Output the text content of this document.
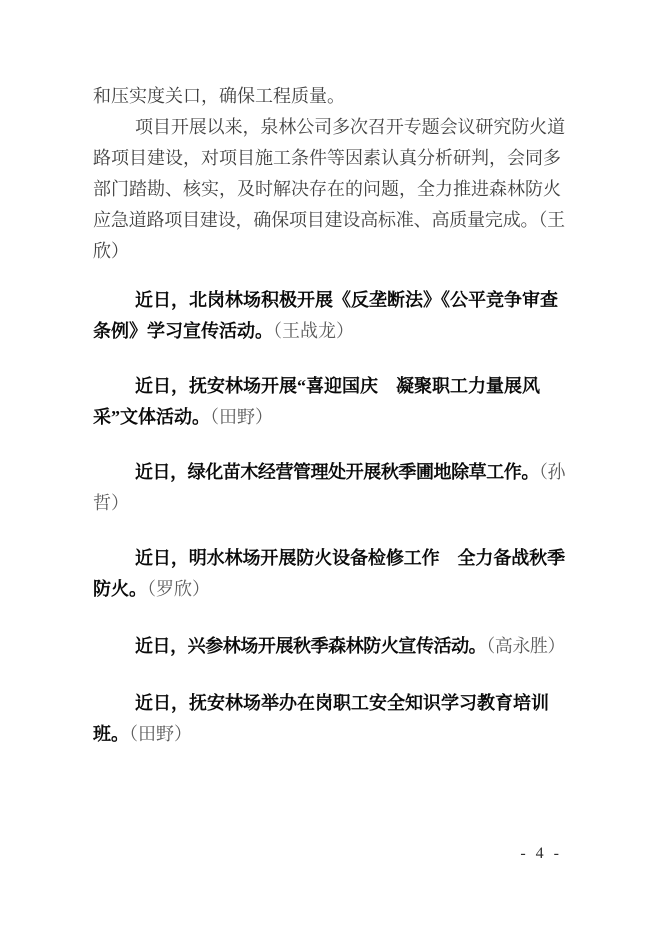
和压实度关口，确保工程质量。
项目开展以来，泉林公司多次召开专题会议研究防火道
路项目建设，对项目施工条件等因素认真分析研判，会同多
部门踏勘、核实，及时解决存在的问题，全力推进森林防火
应急道路项目建设，确保项目建设高标准、高质量完成。（王
欣）
近日，北岗林场积极开展《反垄断法》《公平竞争审查
条例》学习宣传活动。（王战龙）
近日，抚安林场开展“喜迎国庆　凝聚职工力量展风
采”文体活动。（田野）
近日，绿化苗木经营管理处开展秋季圃地除草工作。（孙
哲）
近日，明水林场开展防火设备检修工作　全力备战秋季
防火。（罗欣）
近日，兴参林场开展秋季森林防火宣传活动。（高永胜）
近日，抚安林场举办在岗职工安全知识学习教育培训
班。（田野）
- 4 -
